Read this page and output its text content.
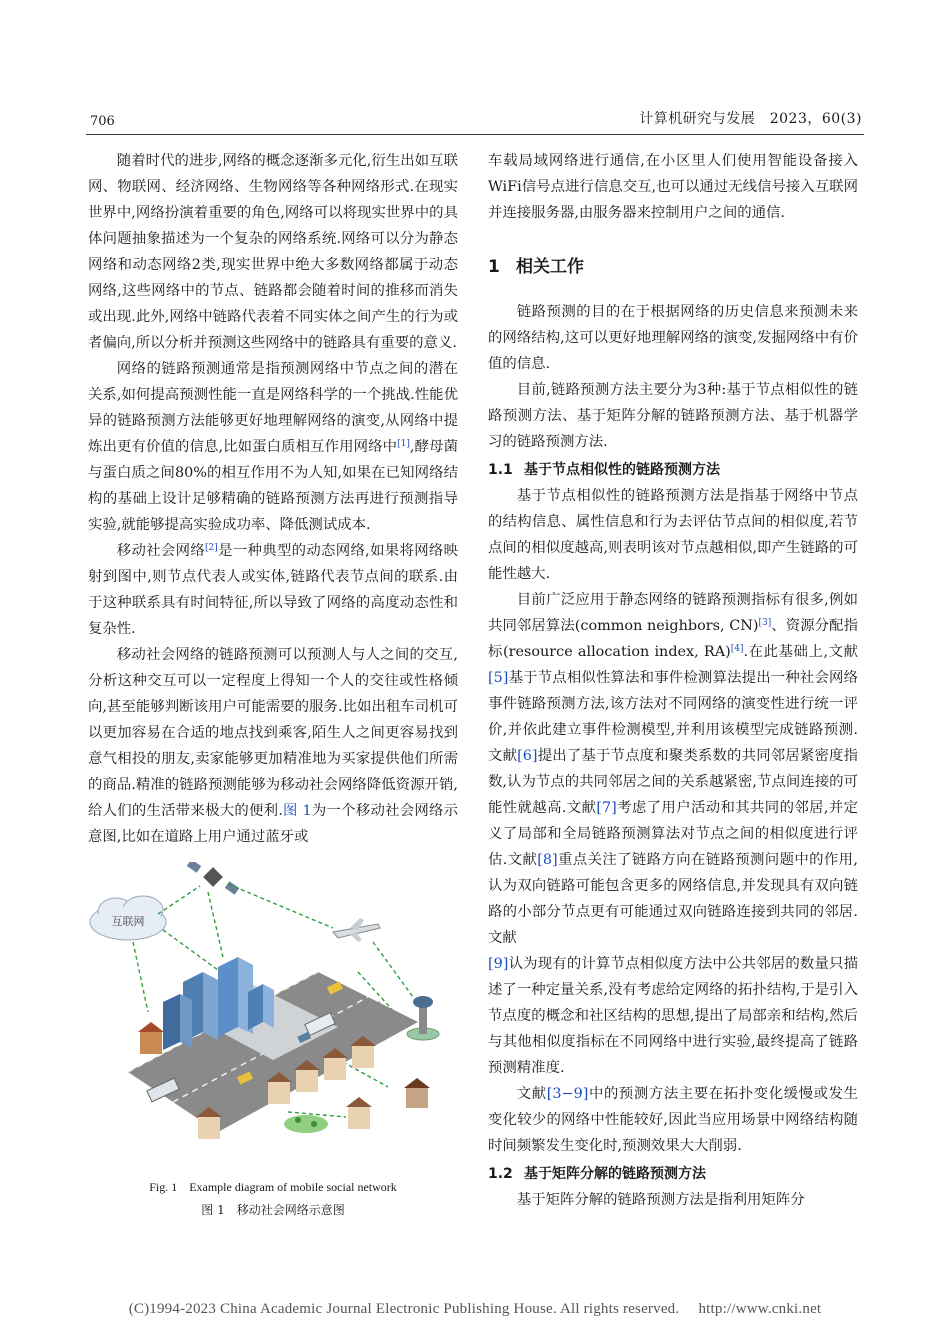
706	计算机研究与发展　2023，60(3)

随着时代的进步,网络的概念逐渐多元化,衍生出如互联网、物联网、经济网络、生物网络等各种网络形式.在现实世界中,网络扮演着重要的角色,网络可以将现实世界中的具体问题抽象描述为一个复杂的网络系统.网络可以分为静态网络和动态网络2类,现实世界中绝大多数网络都属于动态网络,这些网络中的节点、链路都会随着时间的推移而消失或出现.此外,网络中链路代表着不同实体之间产生的行为或者偏向,所以分析并预测这些网络中的链路具有重要的意义.

网络的链路预测通常是指预测网络中节点之间的潜在关系,如何提高预测性能一直是网络科学的一个挑战.性能优异的链路预测方法能够更好地理解网络的演变,从网络中提炼出更有价值的信息,比如蛋白质相互作用网络中[1],酵母菌与蛋白质之间80%的相互作用不为人知,如果在已知网络结构的基础上设计足够精确的链路预测方法再进行预测指导实验,就能够提高实验成功率、降低测试成本.

移动社会网络[2]是一种典型的动态网络,如果将网络映射到图中,则节点代表人或实体,链路代表节点间的联系.由于这种联系具有时间特征,所以导致了网络的高度动态性和复杂性.

移动社会网络的链路预测可以预测人与人之间的交互,分析这种交互可以一定程度上得知一个人的交往或性格倾向,甚至能够判断该用户可能需要的服务.比如出租车司机可以更加容易在合适的地点找到乘客,陌生人之间更容易找到意气相投的朋友,卖家能够更加精准地为买家提供他们所需的商品.精准的链路预测能够为移动社会网络降低资源开销,给人们的生活带来极大的便利.图 1为一个移动社会网络示意图,比如在道路上用户通过蓝牙或

互联网
Fig. 1　Example diagram of mobile social network
图 1　移动社会网络示意图

车载局域网络进行通信,在小区里人们使用智能设备接入WiFi信号点进行信息交互,也可以通过无线信号接入互联网并连接服务器,由服务器来控制用户之间的通信.

1 相关工作

链路预测的目的在于根据网络的历史信息来预测未来的网络结构,这可以更好地理解网络的演变,发掘网络中有价值的信息.

目前,链路预测方法主要分为3种:基于节点相似性的链路预测方法、基于矩阵分解的链路预测方法、基于机器学习的链路预测方法.

1.1 基于节点相似性的链路预测方法

基于节点相似性的链路预测方法是指基于网络中节点的结构信息、属性信息和行为去评估节点间的相似度,若节点间的相似度越高,则表明该对节点越相似,即产生链路的可能性越大.

目前广泛应用于静态网络的链路预测指标有很多,例如共同邻居算法(common neighbors, CN)[3]、资源分配指标(resource allocation index, RA)[4].在此基础上,文献[5]基于节点相似性算法和事件检测算法提出一种社会网络事件链路预测方法,该方法对不同网络的演变性进行统一评价,并依此建立事件检测模型,并利用该模型完成链路预测.文献[6]提出了基于节点度和聚类系数的共同邻居紧密度指数,认为节点的共同邻居之间的关系越紧密,节点间连接的可能性就越高.文献[7]考虑了用户活动和其共同的邻居,并定义了局部和全局链路预测算法对节点之间的相似度进行评估.文献[8]重点关注了链路方向在链路预测问题中的作用,认为双向链路可能包含更多的网络信息,并发现具有双向链路的小部分节点更有可能通过双向链路连接到共同的邻居.文献
[9]认为现有的计算节点相似度方法中公共邻居的数量只描述了一种定量关系,没有考虑给定网络的拓扑结构,于是引入节点度的概念和社区结构的思想,提出了局部亲和结构,然后与其他相似度指标在不同网络中进行实验,最终提高了链路预测精准度.

文献[3−9]中的预测方法主要在拓扑变化缓慢或发生变化较少的网络中性能较好,因此当应用场景中网络结构随时间频繁发生变化时,预测效果大大削弱.

1.2 基于矩阵分解的链路预测方法

基于矩阵分解的链路预测方法是指利用矩阵分

(C)1994-2023 China Academic Journal Electronic Publishing House. All rights reserved.　 http://www.cnki.net
